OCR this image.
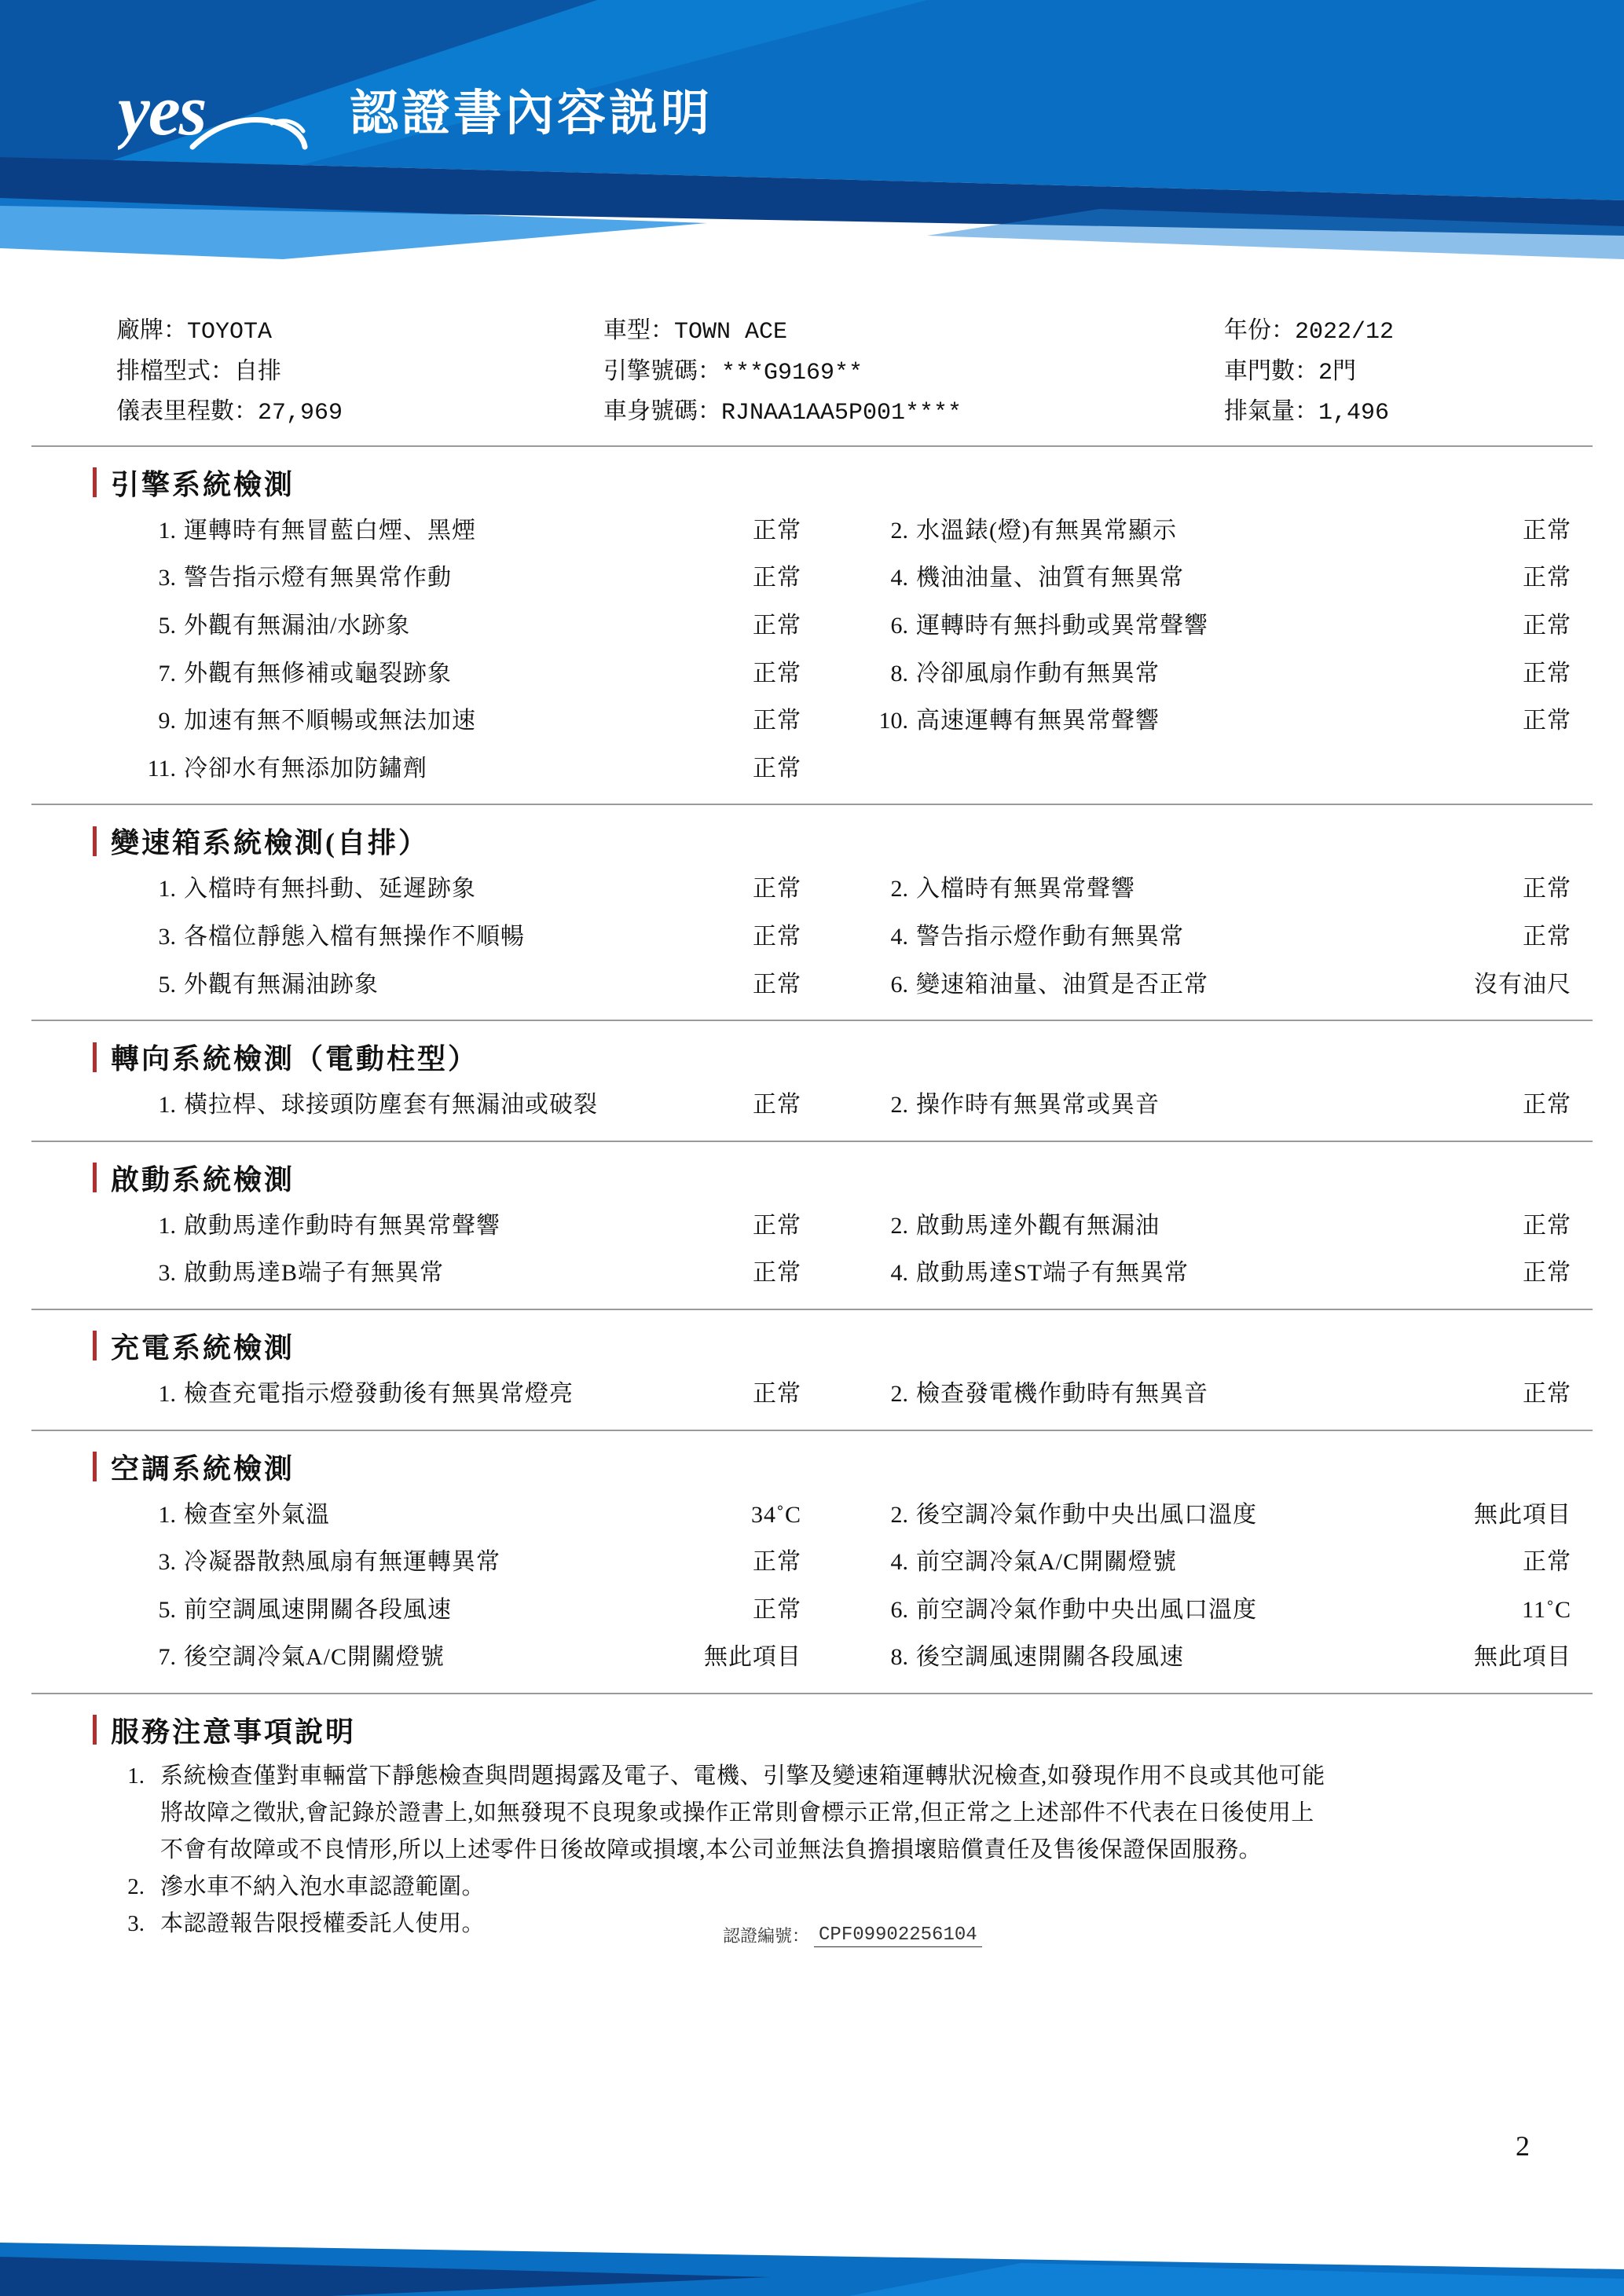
yes	認證書內容説明
廠牌：TOYOTA
排檔型式：自排
儀表里程數：27,969
車型：TOWN ACE
引擎號碼：***G9169**
車身號碼：RJNAA1AA5P001****
年份：2022/12
車門數：2門
排氣量：1,496
引擎系統檢測
1. 運轉時有無冒藍白煙、黑煙	正常	2. 水溫錶(燈)有無異常顯示	正常
3. 警告指示燈有無異常作動	正常	4. 機油油量、油質有無異常	正常
5. 外觀有無漏油/水跡象	正常	6. 運轉時有無抖動或異常聲響	正常
7. 外觀有無修補或龜裂跡象	正常	8. 冷卻風扇作動有無異常	正常
9. 加速有無不順暢或無法加速	正常	10. 高速運轉有無異常聲響	正常
11. 冷卻水有無添加防鏽劑	正常
變速箱系統檢測(自排）
1. 入檔時有無抖動、延遲跡象	正常	2. 入檔時有無異常聲響	正常
3. 各檔位靜態入檔有無操作不順暢	正常	4. 警告指示燈作動有無異常	正常
5. 外觀有無漏油跡象	正常	6. 變速箱油量、油質是否正常	沒有油尺
轉向系統檢測（電動柱型）
1. 橫拉桿、球接頭防塵套有無漏油或破裂	正常	2. 操作時有無異常或異音	正常
啟動系統檢測
1. 啟動馬達作動時有無異常聲響	正常	2. 啟動馬達外觀有無漏油	正常
3. 啟動馬達B端子有無異常	正常	4. 啟動馬達ST端子有無異常	正常
充電系統檢測
1. 檢查充電指示燈發動後有無異常燈亮	正常	2. 檢查發電機作動時有無異音	正常
空調系統檢測
1. 檢查室外氣溫	34˚C	2. 後空調冷氣作動中央出風口溫度	無此項目
3. 冷凝器散熱風扇有無運轉異常	正常	4. 前空調冷氣A/C開關燈號	正常
5. 前空調風速開關各段風速	正常	6. 前空調冷氣作動中央出風口溫度	11˚C
7. 後空調冷氣A/C開關燈號	無此項目	8. 後空調風速開關各段風速	無此項目
服務注意事項說明
1. 系統檢查僅對車輛當下靜態檢查與問題揭露及電子、電機、引擎及變速箱運轉狀況檢查,如發現作用不良或其他可能
將故障之徵狀,會記錄於證書上,如無發現不良現象或操作正常則會標示正常,但正常之上述部件不代表在日後使用上
不會有故障或不良情形,所以上述零件日後故障或損壞,本公司並無法負擔損壞賠償責任及售後保證保固服務。
2. 滲水車不納入泡水車認證範圍。
3. 本認證報告限授權委託人使用。	認證編號： CPF09902256104
2
